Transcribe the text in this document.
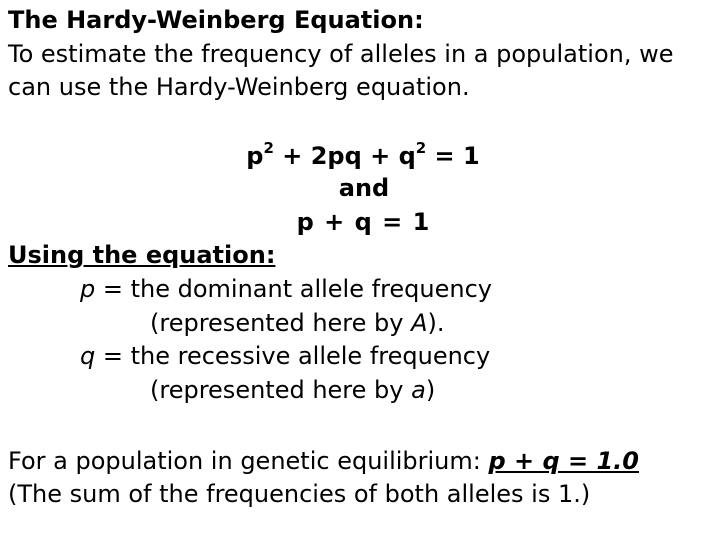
The Hardy-Weinberg Equation:
To estimate the frequency of alleles in a population, we
can use the Hardy-Weinberg equation.
$p^2 + 2pq + q^2 = 1$
and
p + q = 1
Using the equation:
p = the dominant allele frequency
(represented here by A).
q = the recessive allele frequency
(represented here by a)
For a population in genetic equilibrium: p + q = 1.0
(The sum of the frequencies of both alleles is 1.)
